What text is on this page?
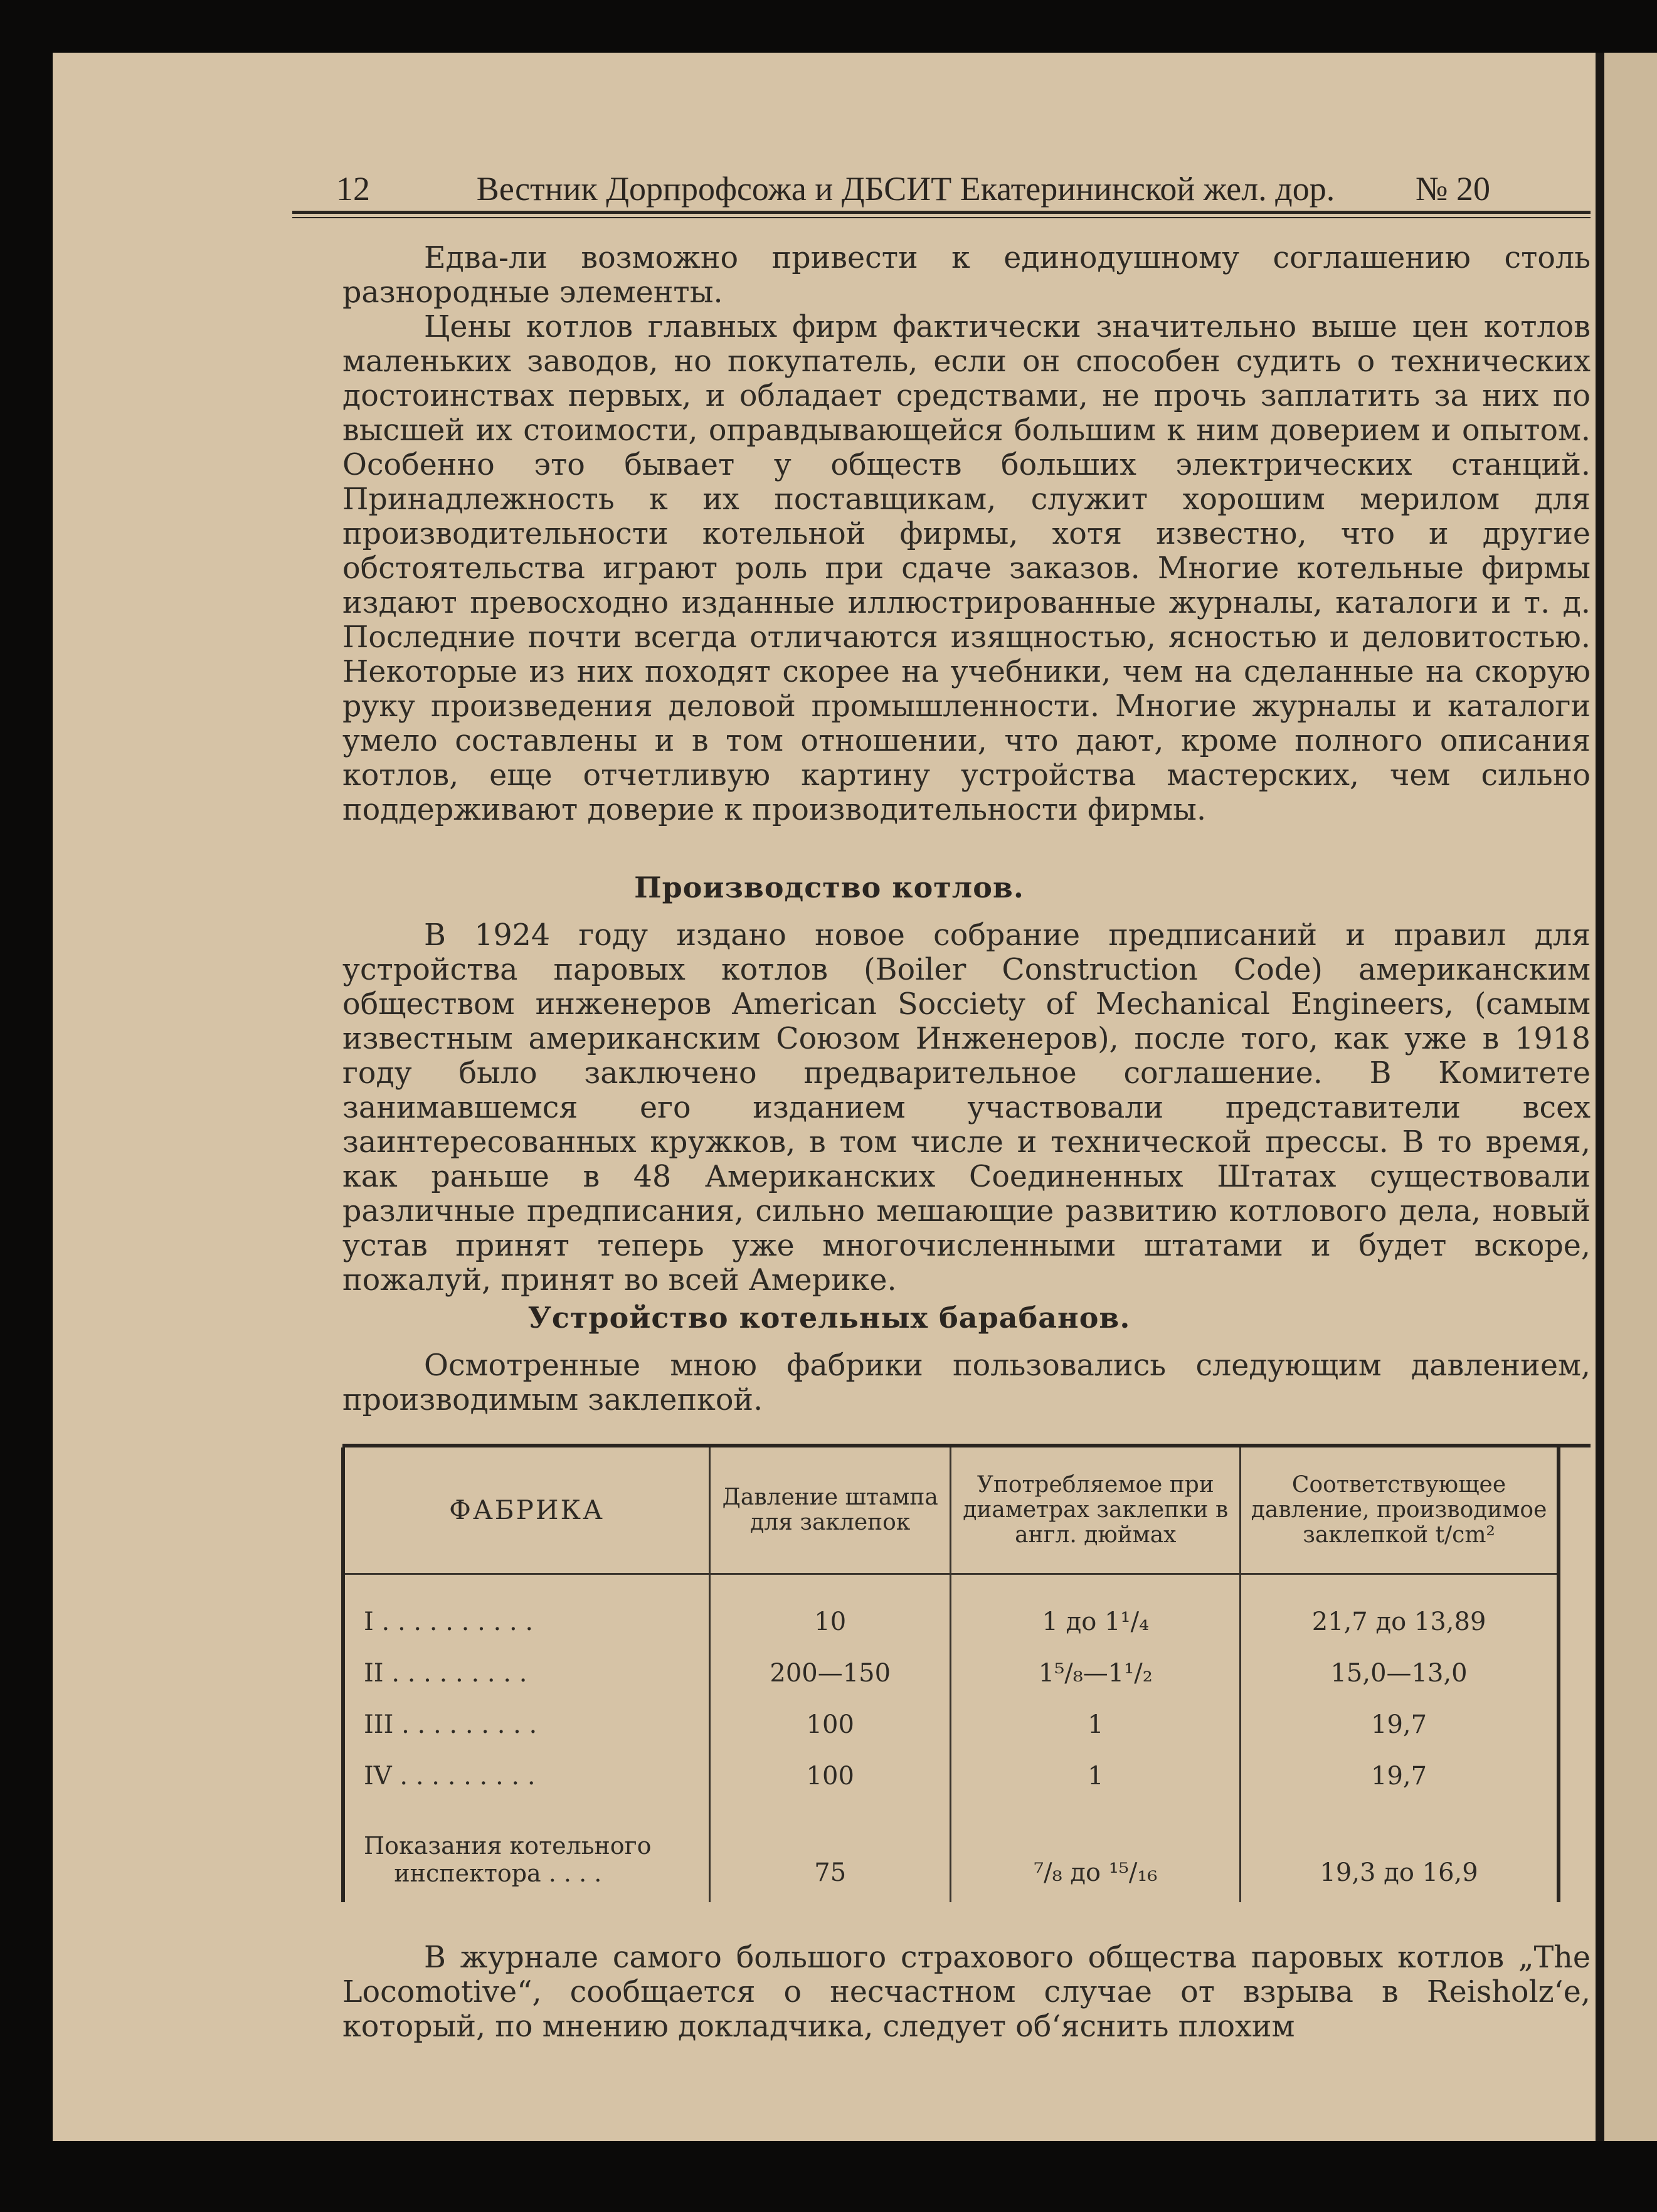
12	Вестник Дорпрофсожа и ДБСИТ Екатерининской жел. дор.	№ 20
Едва-ли возможно привести к единодушному соглашению столь разнородные элементы.
Цены котлов главных фирм фактически значительно выше цен котлов маленьких заводов, но покупатель, если он способен судить о технических достоинствах первых, и обладает средствами, не прочь заплатить за них по высшей их стоимости, оправдывающейся большим к ним доверием и опытом. Особенно это бывает у обществ больших электрических станций. Принадлежность к их поставщикам, служит хорошим мерилом для производительности котельной фирмы, хотя известно, что и другие обстоятельства играют роль при сдаче заказов. Многие котельные фирмы издают превосходно изданные иллюстрированные журналы, каталоги и т. д. Последние почти всегда отличаются изящностью, ясностью и деловитостью. Некоторые из них походят скорее на учебники, чем на сделанные на скорую руку произведения деловой промышленности. Многие журналы и каталоги умело составлены и в том отношении, что дают, кроме полного описания котлов, еще отчетливую картину устройства мастерских, чем сильно поддерживают доверие к производительности фирмы.
Производство котлов.
В 1924 году издано новое собрание предписаний и правил для устройства паровых котлов (Boiler Construction Code) американским обществом инженеров American Socciety of Mechanical Engineers, (самым известным американским Союзом Инженеров), после того, как уже в 1918 году было заключено предварительное соглашение. В Комитете занимавшемся его изданием участвовали представители всех заинтересованных кружков, в том числе и технической прессы. В то время, как раньше в 48 Американских Соединенных Штатах существовали различные предписания, сильно мешающие развитию котлового дела, новый устав принят теперь уже многочисленными штатами и будет вскоре, пожалуй, принят во всей Америке.
Устройство котельных барабанов.
Осмотренные мною фабрики пользовались следующим давлением, производимым заклепкой.
ФАБРИКА	Давление штампа для заклепок	Употребляемое при диаметрах заклепки в англ. дюймах	Соответствующее давление, производимое заклепкой t/cm²

I . . . . . . . . . .	10	1 до 1¹/₄	21,7 до 13,89
II . . . . . . . . .	200—150	1⁵/₈—1¹/₂	15,0—13,0
III . . . . . . . . .	100	1	19,7
IV . . . . . . . . .	100	1	19,7
Показания котельного
инспектора . . . .	75	⁷/₈ до ¹⁵/₁₆	19,3 до 16,9
В журнале самого большого страхового общества паровых котлов „The Locomotive“, сообщается о несчастном случае от взрыва в Reisholz‘е, который, по мнению докладчика, следует об‘яснить плохим
